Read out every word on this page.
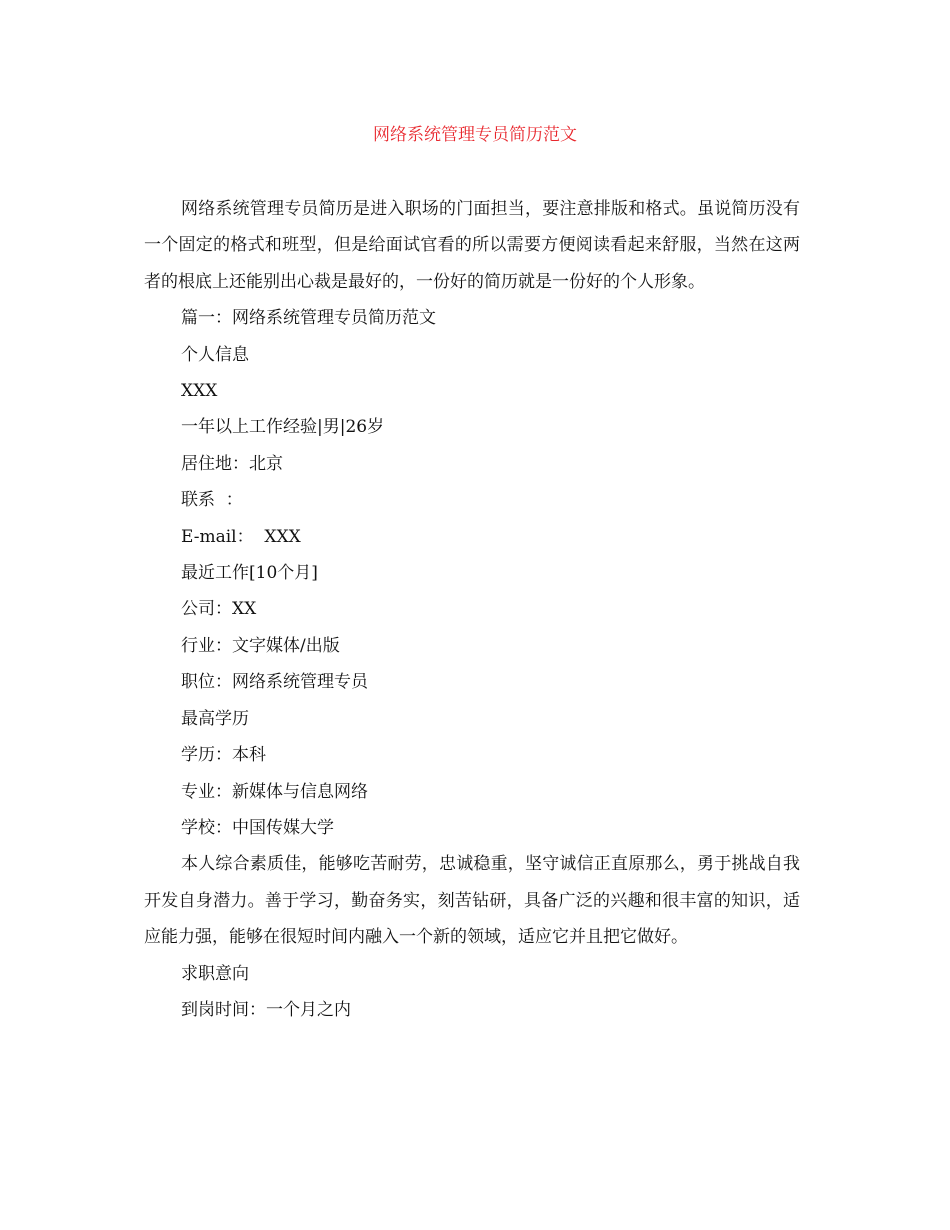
网络系统管理专员简历范文

网络系统管理专员简历是进入职场的门面担当，要注意排版和格式。虽说简历没有一个固定的格式和班型，但是给面试官看的所以需要方便阅读看起来舒服，当然在这两者的根底上还能别出心裁是最好的，一份好的简历就是一份好的个人形象。

篇一：网络系统管理专员简历范文

个人信息

XXX

一年以上工作经验|男|26岁

居住地：北京

联系  ：

E-mail：  XXX

最近工作[10个月]

公司：XX

行业：文字媒体/出版

职位：网络系统管理专员

最高学历

学历：本科

专业：新媒体与信息网络

学校：中国传媒大学

本人综合素质佳，能够吃苦耐劳，忠诚稳重，坚守诚信正直原那么，勇于挑战自我开发自身潜力。善于学习，勤奋务实，刻苦钻研，具备广泛的兴趣和很丰富的知识，适应能力强，能够在很短时间内融入一个新的领域，适应它并且把它做好。

求职意向

到岗时间：一个月之内
